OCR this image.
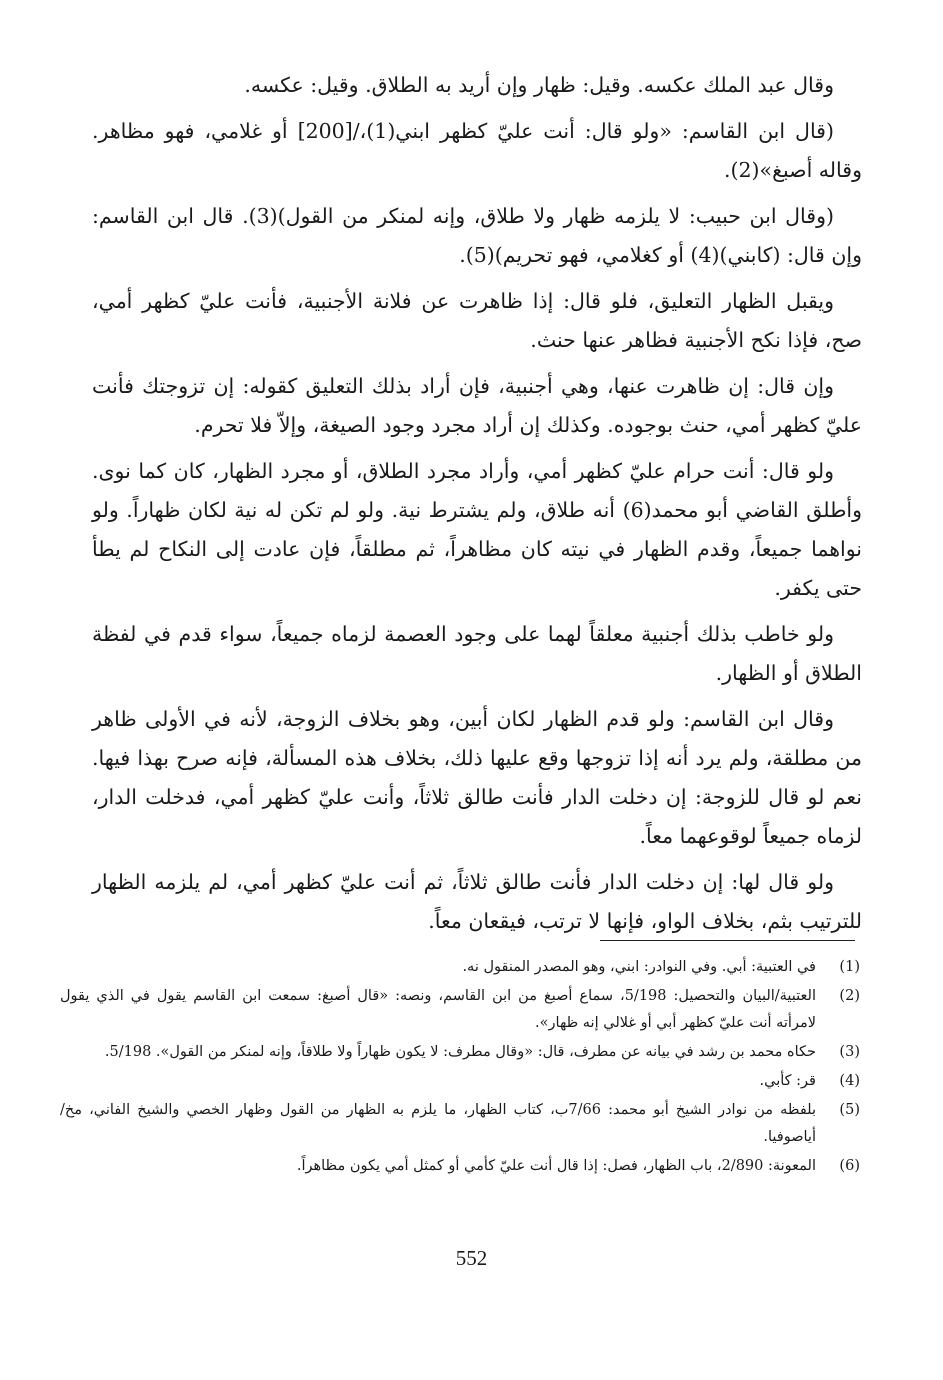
وقال عبد الملك عكسه. وقيل: ظهار وإن أريد به الطلاق. وقيل: عكسه.

(قال ابن القاسم: «ولو قال: أنت عليّ كظهر ابني(1)،/[200] أو غلامي، فهو مظاهر. وقاله أصبغ»(2).

(وقال ابن حبيب: لا يلزمه ظهار ولا طلاق، وإنه لمنكر من القول)(3). قال ابن القاسم: وإن قال: (كابني)(4) أو كغلامي، فهو تحريم)(5).

ويقبل الظهار التعليق، فلو قال: إذا ظاهرت عن فلانة الأجنبية، فأنت عليّ كظهر أمي، صح، فإذا نكح الأجنبية فظاهر عنها حنث.

وإن قال: إن ظاهرت عنها، وهي أجنبية، فإن أراد بذلك التعليق كقوله: إن تزوجتك فأنت عليّ كظهر أمي، حنث بوجوده. وكذلك إن أراد مجرد وجود الصيغة، وإلاّ فلا تحرم.

ولو قال: أنت حرام عليّ كظهر أمي، وأراد مجرد الطلاق، أو مجرد الظهار، كان كما نوى. وأطلق القاضي أبو محمد(6) أنه طلاق، ولم يشترط نية. ولو لم تكن له نية لكان ظهاراً. ولو نواهما جميعاً، وقدم الظهار في نيته كان مظاهراً، ثم مطلقاً، فإن عادت إلى النكاح لم يطأ حتى يكفر.

ولو خاطب بذلك أجنبية معلقاً لهما على وجود العصمة لزماه جميعاً، سواء قدم في لفظة الطلاق أو الظهار.

وقال ابن القاسم: ولو قدم الظهار لكان أبين، وهو بخلاف الزوجة، لأنه في الأولى ظاهر من مطلقة، ولم يرد أنه إذا تزوجها وقع عليها ذلك، بخلاف هذه المسألة، فإنه صرح بهذا فيها. نعم لو قال للزوجة: إن دخلت الدار فأنت طالق ثلاثاً، وأنت عليّ كظهر أمي، فدخلت الدار، لزماه جميعاً لوقوعهما معاً.

ولو قال لها: إن دخلت الدار فأنت طالق ثلاثاً، ثم أنت عليّ كظهر أمي، لم يلزمه الظهار للترتيب بثم، بخلاف الواو، فإنها لا ترتب، فيقعان معاً.

(1)
في العتبية: أبي. وفي النوادر: ابني، وهو المصدر المنقول نه.
(2)
العتبية/البيان والتحصيل: 5/198، سماع أصبغ من ابن القاسم، ونصه: «قال أصبغ: سمعت ابن القاسم يقول في الذي يقول لامرأته أنت عليّ كظهر أبي أو غلالي إنه ظهار».
(3)
حكاه محمد بن رشد في بيانه عن مطرف، قال: «وقال مطرف: لا يكون ظهاراً ولا طلاقاً، وإنه لمنكر من القول». 5/198.
(4)
قر: كأبي.
(5)
بلفظه من نوادر الشيخ أبو محمد: 7/66ب، كتاب الظهار، ما يلزم به الظهار من القول وظهار الخصي والشيخ الفاني، مخ/أياصوفيا.
(6)
المعونة: 2/890، باب الظهار، فصل: إذا قال أنت عليّ كأمي أو كمثل أمي يكون مظاهراً.
552
